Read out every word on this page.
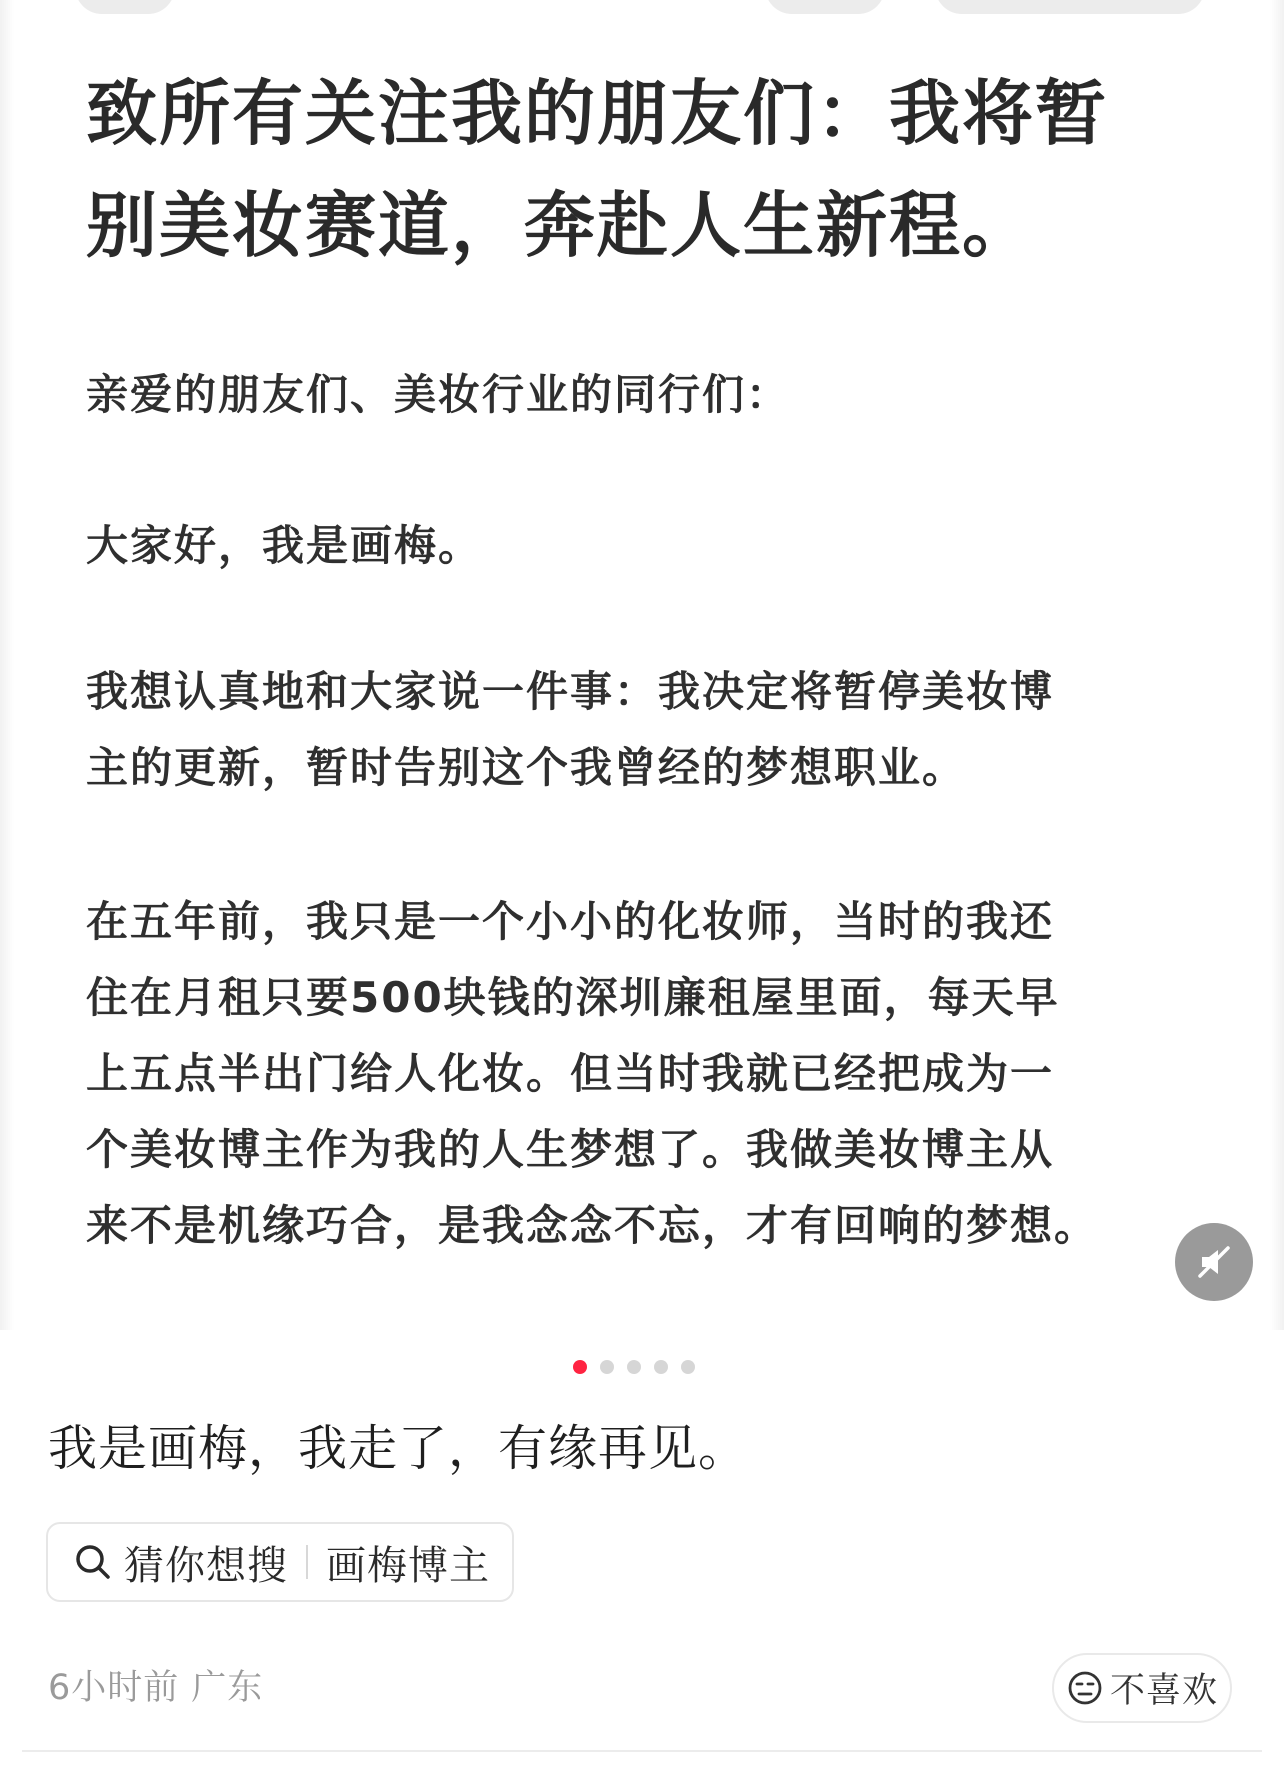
致所有关注我的朋友们：我将暂
别美妆赛道，奔赴人生新程。

亲爱的朋友们、美妆行业的同行们：

大家好，我是画梅。

我想认真地和大家说一件事：我决定将暂停美妆博
主的更新，暂时告别这个我曾经的梦想职业。

在五年前，我只是一个小小的化妆师，当时的我还
住在月租只要500块钱的深圳廉租屋里面，每天早
上五点半出门给人化妆。但当时我就已经把成为一
个美妆博主作为我的人生梦想了。我做美妆博主从
来不是机缘巧合，是我念念不忘，才有回响的梦想。

我是画梅，我走了，有缘再见。

猜你想搜 画梅博主
6小时前 广东	不喜欢
